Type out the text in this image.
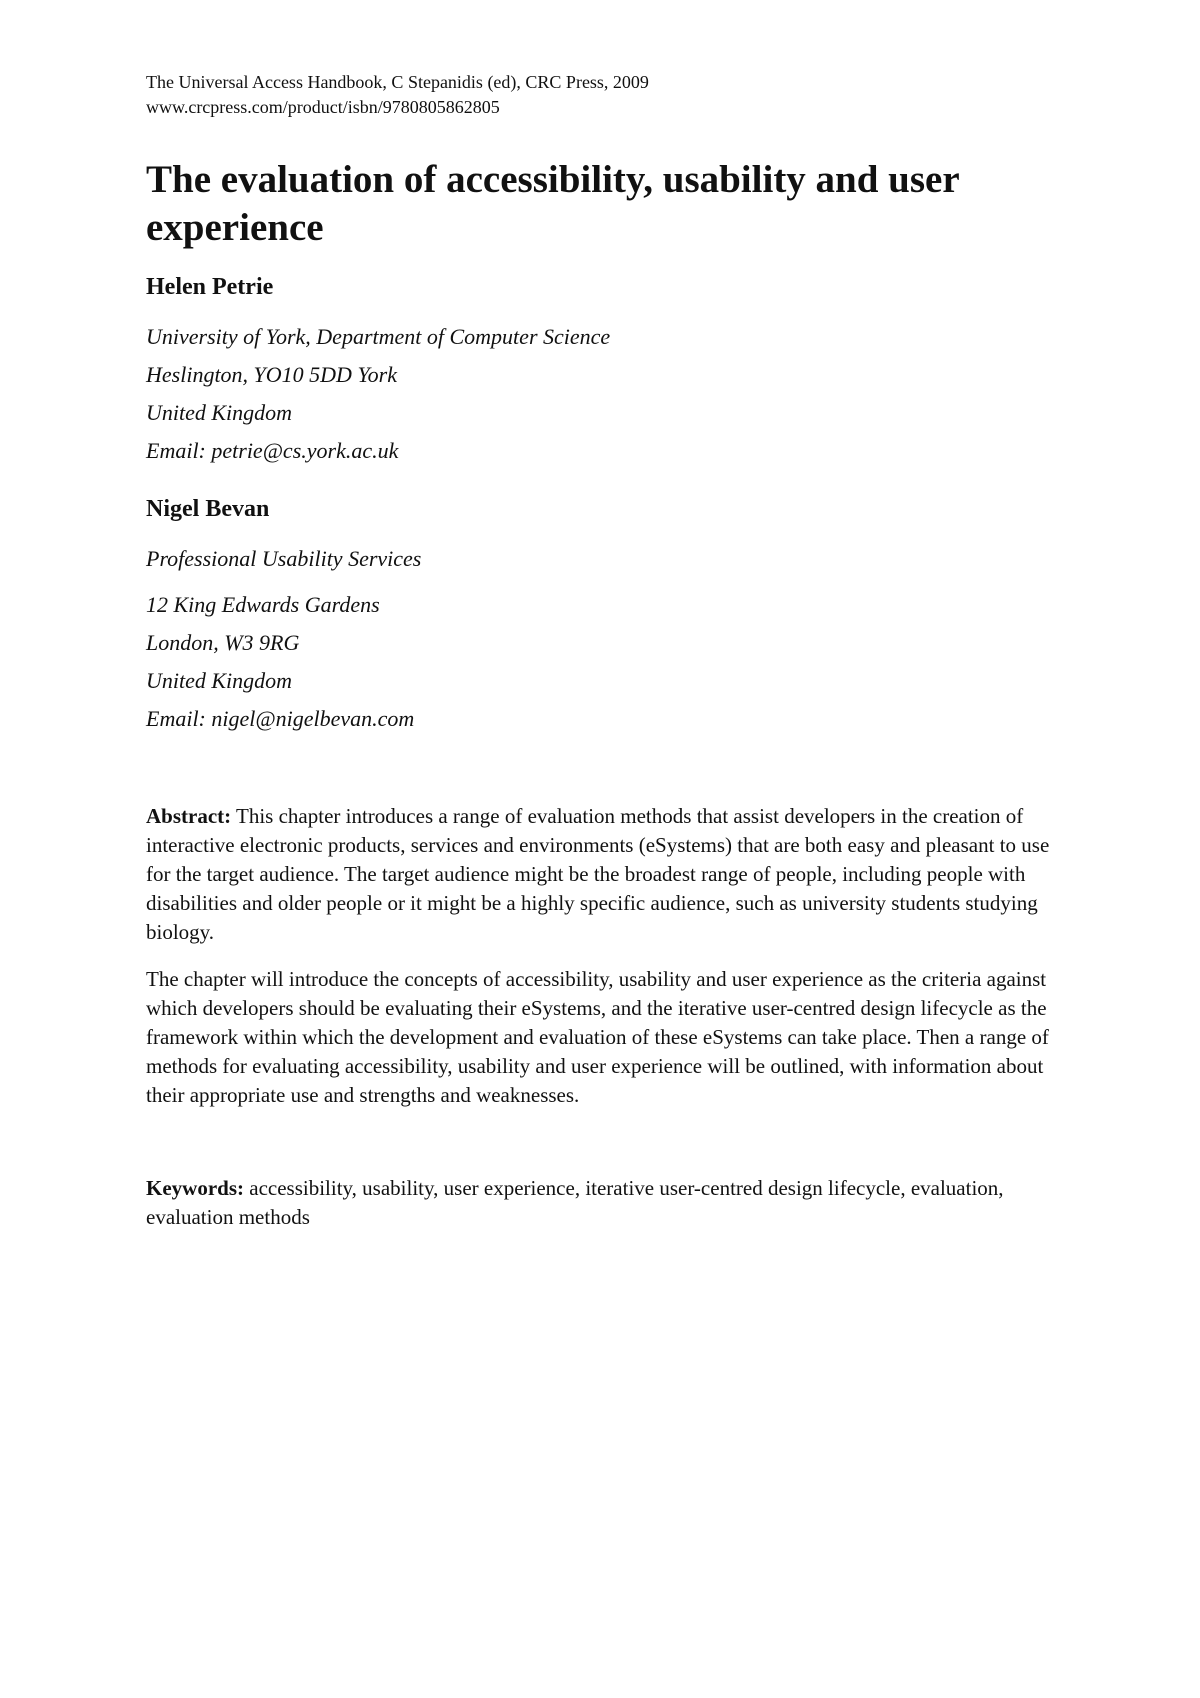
The Universal Access Handbook, C Stepanidis (ed), CRC Press, 2009

www.crcpress.com/product/isbn/9780805862805

The evaluation of accessibility, usability and user experience

Helen Petrie

University of York, Department of Computer Science

Heslington, YO10 5DD York

United Kingdom

Email: petrie@cs.york.ac.uk

Nigel Bevan

Professional Usability Services

12 King Edwards Gardens

London, W3 9RG

United Kingdom

Email: nigel@nigelbevan.com

Abstract: This chapter introduces a range of evaluation methods that assist developers in the creation of interactive electronic products, services and environments (eSystems) that are both easy and pleasant to use for the target audience. The target audience might be the broadest range of people, including people with disabilities and older people or it might be a highly specific audience, such as university students studying biology.

The chapter will introduce the concepts of accessibility, usability and user experience as the criteria against which developers should be evaluating their eSystems, and the iterative user-centred design lifecycle as the framework within which the development and evaluation of these eSystems can take place. Then a range of methods for evaluating accessibility, usability and user experience will be outlined, with information about their appropriate use and strengths and weaknesses.

Keywords: accessibility, usability, user experience, iterative user-centred design lifecycle, evaluation, evaluation methods
